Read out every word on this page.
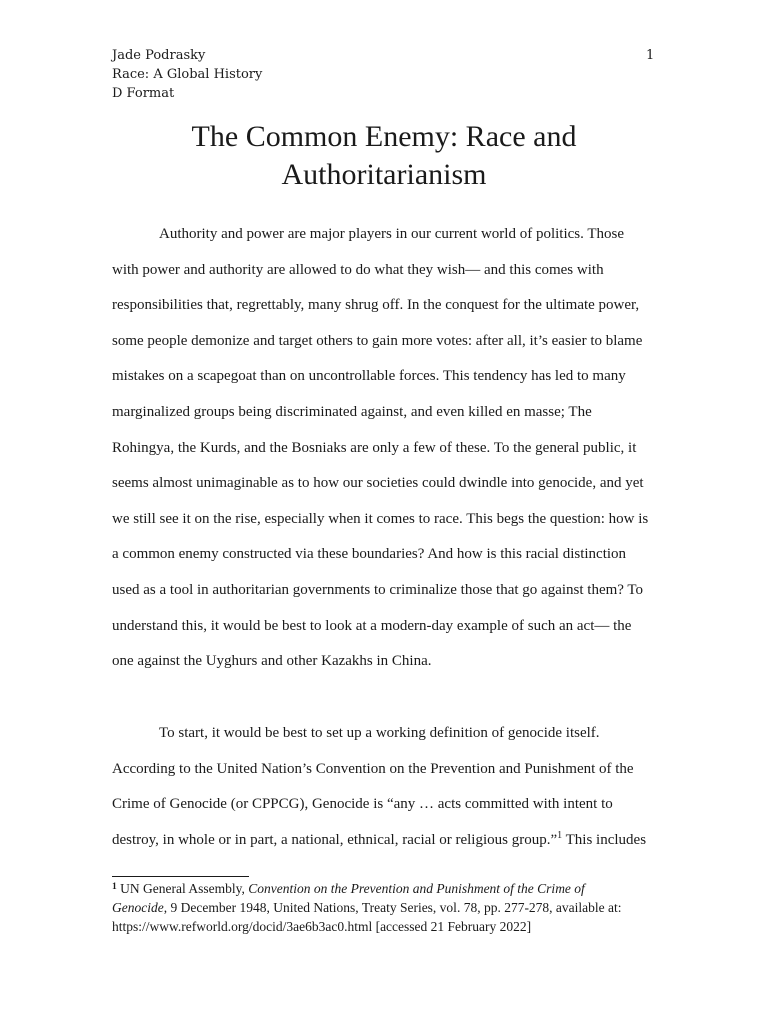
Jade Podrasky
Race: A Global History
D Format
1
The Common Enemy: Race and
Authoritarianism
Authority and power are major players in our current world of politics. Those
with power and authority are allowed to do what they wish— and this comes with
responsibilities that, regrettably, many shrug off. In the conquest for the ultimate power,
some people demonize and target others to gain more votes: after all, it’s easier to blame
mistakes on a scapegoat than on uncontrollable forces. This tendency has led to many
marginalized groups being discriminated against, and even killed en masse; The
Rohingya, the Kurds, and the Bosniaks are only a few of these. To the general public, it
seems almost unimaginable as to how our societies could dwindle into genocide, and yet
we still see it on the rise, especially when it comes to race. This begs the question: how is
a common enemy constructed via these boundaries? And how is this racial distinction
used as a tool in authoritarian governments to criminalize those that go against them? To
understand this, it would be best to look at a modern-day example of such an act— the
one against the Uyghurs and other Kazakhs in China.
To start, it would be best to set up a working definition of genocide itself.
According to the United Nation’s Convention on the Prevention and Punishment of the
Crime of Genocide (or CPPCG), Genocide is “any … acts committed with intent to
destroy, in whole or in part, a national, ethnical, racial or religious group.”$^1$ This includes
$^1$ UN General Assembly, Convention on the Prevention and Punishment of the Crime of
Genocide, 9 December 1948, United Nations, Treaty Series, vol. 78, pp. 277-278, available at:
https://www.refworld.org/docid/3ae6b3ac0.html [accessed 21 February 2022]
